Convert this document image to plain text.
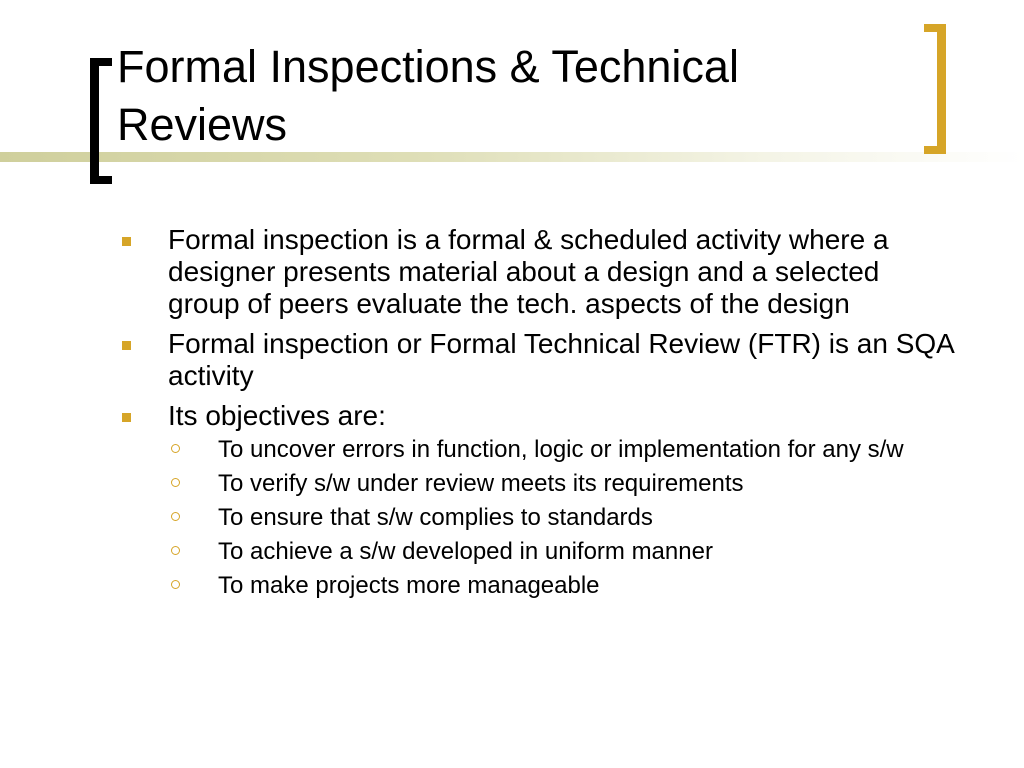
Formal Inspections & Technical Reviews
Formal inspection is a formal & scheduled activity where a designer presents material about a design and a selected group of peers evaluate the tech. aspects of the design
Formal inspection or Formal Technical Review (FTR) is an SQA activity
Its objectives are:
To uncover errors in function, logic or implementation for any s/w
To verify s/w under review meets its requirements
To ensure that s/w complies to standards
To achieve a s/w developed in uniform manner
To make projects more manageable
